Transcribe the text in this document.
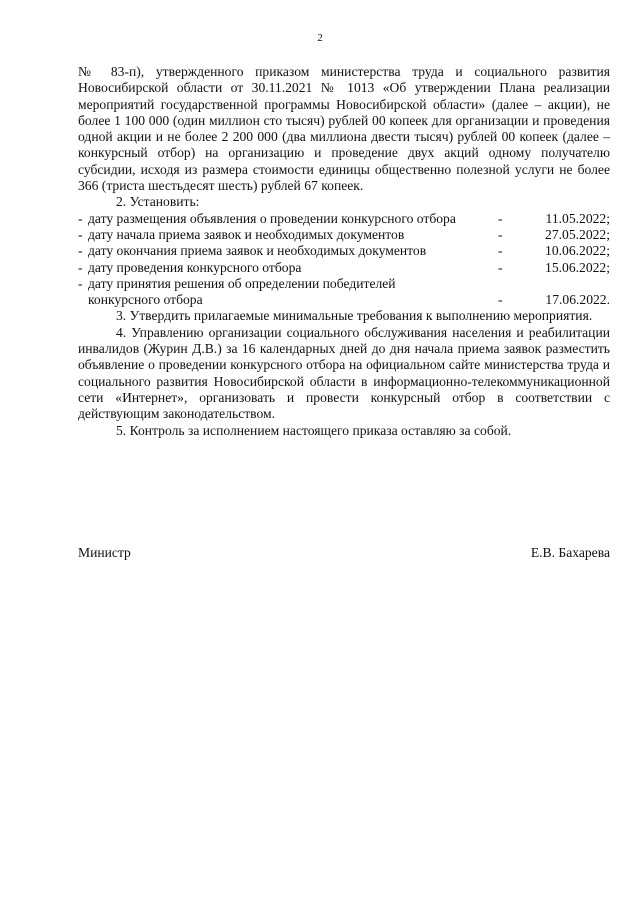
2

№ 83-п), утвержденного приказом министерства труда и социального развития Новосибирской области от 30.11.2021 № 1013 «Об утверждении Плана реализации мероприятий государственной программы Новосибирской области» (далее – акции), не более 1 100 000 (один миллион сто тысяч) рублей 00 копеек для организации и проведения одной акции и не более 2 200 000 (два миллиона двести тысяч) рублей 00 копеек (далее – конкурсный отбор) на организацию и проведение двух акций одному получателю субсидии, исходя из размера стоимости единицы общественно полезной услуги не более 366 (триста шестьдесят шесть) рублей 67 копеек.

2. Установить:

- дату размещения объявления о проведении конкурсного отбора	-	11.05.2022;
- дату начала приема заявок и необходимых документов	-	27.05.2022;
- дату окончания приема заявок и необходимых документов	-	10.06.2022;
- дату проведения конкурсного отбора	-	15.06.2022;
- дату принятия решения об определении победителей
конкурсного отбора	-	17.06.2022.

3. Утвердить прилагаемые минимальные требования к выполнению мероприятия.

4. Управлению организации социального обслуживания населения и реабилитации инвалидов (Журин Д.В.) за 16 календарных дней до дня начала приема заявок разместить объявление о проведении конкурсного отбора на официальном сайте министерства труда и социального развития Новосибирской области в информационно-телекоммуникационной сети «Интернет», организовать и провести конкурсный отбор в соответствии с действующим законодательством.

5. Контроль за исполнением настоящего приказа оставляю за собой.

Министр	Е.В. Бахарева
